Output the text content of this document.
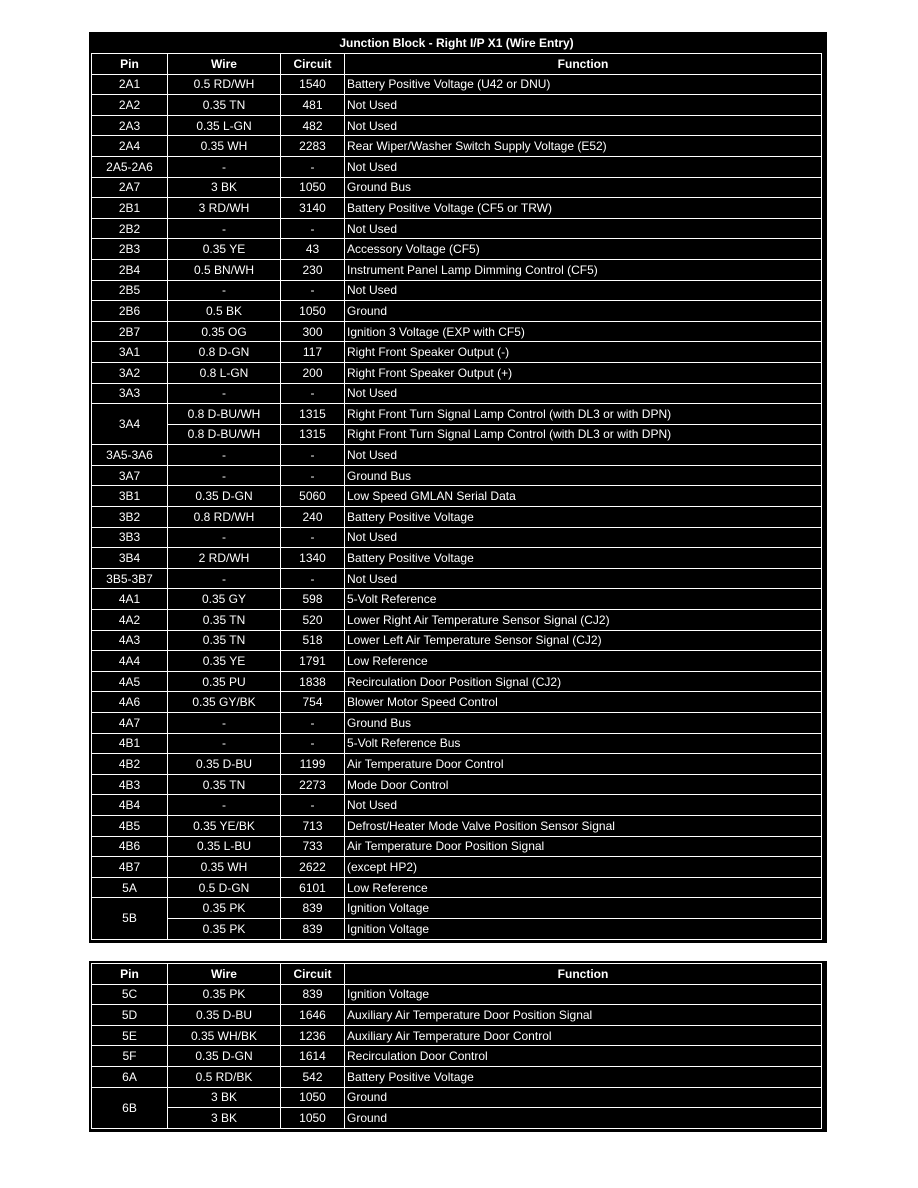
Junction Block - Right I/P X1 (Wire Entry)
Pin	Wire	Circuit	Function
2A1	0.5 RD/WH	1540	Battery Positive Voltage (U42 or DNU)
2A2	0.35 TN	481	Not Used
2A3	0.35 L-GN	482	Not Used
2A4	0.35 WH	2283	Rear Wiper/Washer Switch Supply Voltage (E52)
2A5-2A6	-	-	Not Used
2A7	3 BK	1050	Ground Bus
2B1	3 RD/WH	3140	Battery Positive Voltage (CF5 or TRW)
2B2	-	-	Not Used
2B3	0.35 YE	43	Accessory Voltage (CF5)
2B4	0.5 BN/WH	230	Instrument Panel Lamp Dimming Control (CF5)
2B5	-	-	Not Used
2B6	0.5 BK	1050	Ground
2B7	0.35 OG	300	Ignition 3 Voltage (EXP with CF5)
3A1	0.8 D-GN	117	Right Front Speaker Output (-)
3A2	0.8 L-GN	200	Right Front Speaker Output (+)
3A3	-	-	Not Used
3A4	0.8 D-BU/WH	1315	Right Front Turn Signal Lamp Control (with DL3 or with DPN)
	0.8 D-BU/WH	1315	Right Front Turn Signal Lamp Control (with DL3 or with DPN)
3A5-3A6	-	-	Not Used
3A7	-	-	Ground Bus
3B1	0.35 D-GN	5060	Low Speed GMLAN Serial Data
3B2	0.8 RD/WH	240	Battery Positive Voltage
3B3	-	-	Not Used
3B4	2 RD/WH	1340	Battery Positive Voltage
3B5-3B7	-	-	Not Used
4A1	0.35 GY	598	5-Volt Reference
4A2	0.35 TN	520	Lower Right Air Temperature Sensor Signal (CJ2)
4A3	0.35 TN	518	Lower Left Air Temperature Sensor Signal (CJ2)
4A4	0.35 YE	1791	Low Reference
4A5	0.35 PU	1838	Recirculation Door Position Signal (CJ2)
4A6	0.35 GY/BK	754	Blower Motor Speed Control
4A7	-	-	Ground Bus
4B1	-	-	5-Volt Reference Bus
4B2	0.35 D-BU	1199	Air Temperature Door Control
4B3	0.35 TN	2273	Mode Door Control
4B4	-	-	Not Used
4B5	0.35 YE/BK	713	Defrost/Heater Mode Valve Position Sensor Signal
4B6	0.35 L-BU	733	Air Temperature Door Position Signal
4B7	0.35 WH	2622	(except HP2)
5A	0.5 D-GN	6101	Low Reference
5B	0.35 PK	839	Ignition Voltage
	0.35 PK	839	Ignition Voltage
Pin	Wire	Circuit	Function
5C	0.35 PK	839	Ignition Voltage
5D	0.35 D-BU	1646	Auxiliary Air Temperature Door Position Signal
5E	0.35 WH/BK	1236	Auxiliary Air Temperature Door Control
5F	0.35 D-GN	1614	Recirculation Door Control
6A	0.5 RD/BK	542	Battery Positive Voltage
6B	3 BK	1050	Ground
	3 BK	1050	Ground
